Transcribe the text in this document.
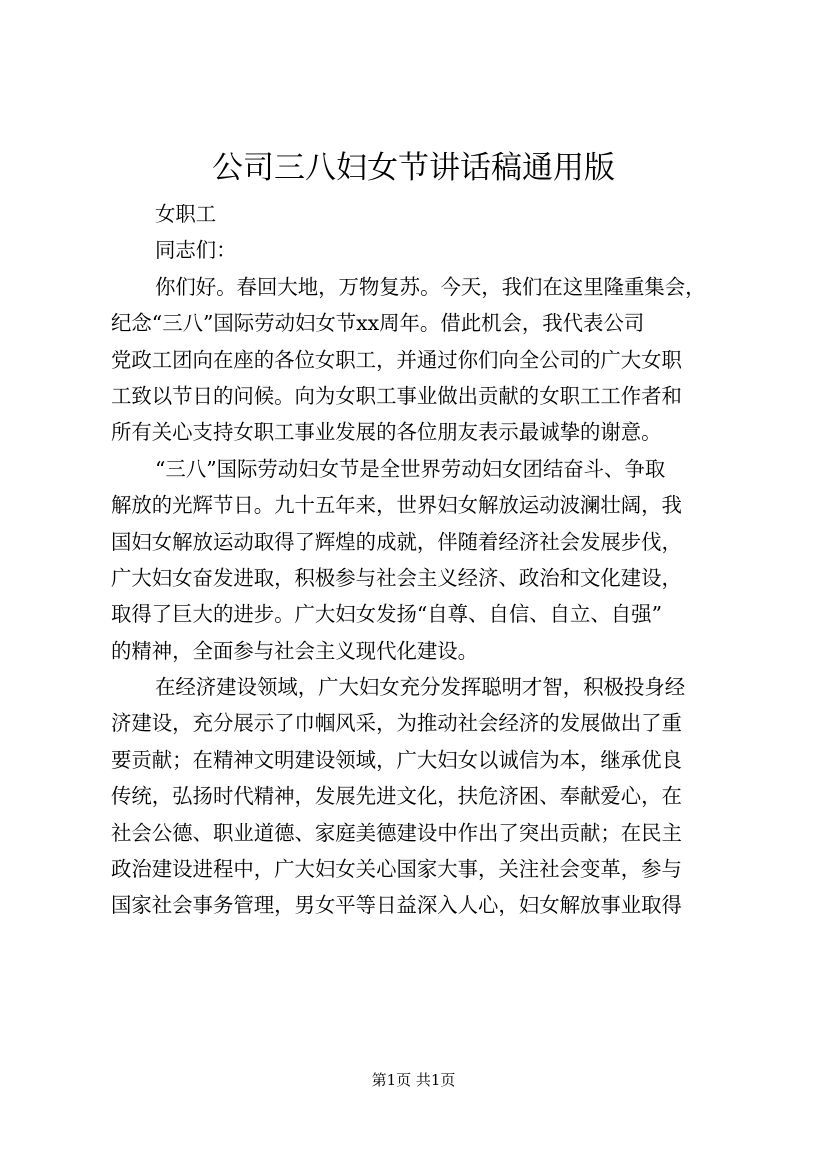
公司三八妇女节讲话稿通用版
女职工
同志们：
你们好。春回大地，万物复苏。今天，我们在这里隆重集会，
纪念“三八”国际劳动妇女节xx周年。借此机会，我代表公司
党政工团向在座的各位女职工，并通过你们向全公司的广大女职
工致以节日的问候。向为女职工事业做出贡献的女职工工作者和
所有关心支持女职工事业发展的各位朋友表示最诚挚的谢意。
“三八”国际劳动妇女节是全世界劳动妇女团结奋斗、争取
解放的光辉节日。九十五年来，世界妇女解放运动波澜壮阔，我
国妇女解放运动取得了辉煌的成就，伴随着经济社会发展步伐，
广大妇女奋发进取，积极参与社会主义经济、政治和文化建设，
取得了巨大的进步。广大妇女发扬“自尊、自信、自立、自强”
的精神，全面参与社会主义现代化建设。
在经济建设领域，广大妇女充分发挥聪明才智，积极投身经
济建设，充分展示了巾帼风采，为推动社会经济的发展做出了重
要贡献；在精神文明建设领域，广大妇女以诚信为本，继承优良
传统，弘扬时代精神，发展先进文化，扶危济困、奉献爱心，在
社会公德、职业道德、家庭美德建设中作出了突出贡献；在民主
政治建设进程中，广大妇女关心国家大事，关注社会变革，参与
国家社会事务管理，男女平等日益深入人心，妇女解放事业取得
第1页 共1页
